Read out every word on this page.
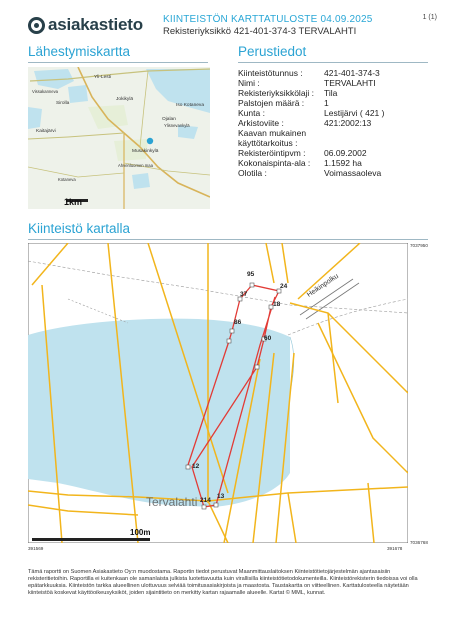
asiakastieto KIINTEISTÖN KARTTATULOSTE 04.09.2025
Rekisteriyksikkö 421-401-374-3 TERVALAHTI
1 (1)
Lähestymiskartta	Perustiedot
Yli-Lesti
Sirolla
Jokikylä
Iso Kotaneva
Ojalan
Kaitajärvi
Musakinkylä
Vissakanneva
Ylisnevankylä
Ahvenluomen maa
Kotaneva
1km
Kiinteistötunnus :	421-401-374-3
Nimi :	TERVALAHTI
Rekisteriyksikkölaji : Tila
Palstojen määrä : 1
Kunta :	Lestijärvi ( 421 )
Arkistoviite :	421:2002:13
Kaavan mukainen
käyttötarkoitus :
Rekisteröintipvm : 06.09.2002
Kokonaispinta-ala : 1.1592 ha
Olotila :	Voimassaoleva
Kiinteistö kartalla
95
24
37
18
86
60
12
214
13
Heikinpolku
Tervalahti
100m
7037950
7036768
391569	391678
Tämä raportti on Suomen Asiakastieto Oy:n muodostama. Raportin tiedot perustuvat Maanmittauslaitoksen Kiinteistötietojärjestelmän ajantasaisiin rekisteritietoihin. Raportilla ei kuitenkaan ole samanlaista julkista luotettavuutta kuin virallisilla kiinteistötietodokumenteilla. Kiinteistörekisterin tiedoissa voi olla epätarkkuuksia. Kiinteistön tarkka alueellinen ulottuvuus selviää toimitusasiakirjoista ja maastosta. Taustakartta on viitteellinen. Karttatulosteella näytetään kiinteistöä koskevat käyttöoikeusyksiköt, joiden sijaintitieto on merkitty kartan rajaamalle alueelle. Kartat © MML, kunnat.
